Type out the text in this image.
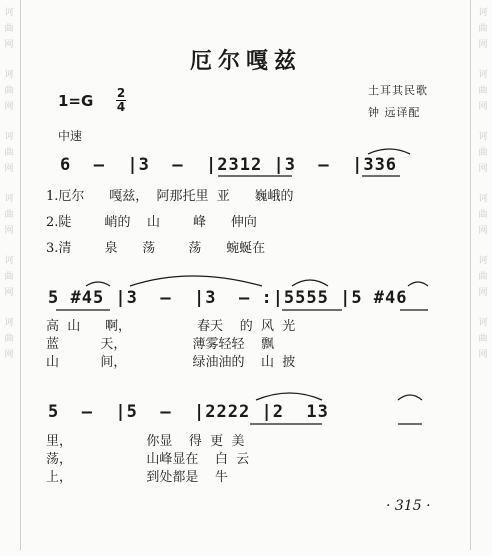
诃
曲
网

诃
曲
网

诃
曲
网

诃
曲
网

诃
曲
网

诃
曲
网
诃
曲
网

诃
曲
网

诃
曲
网

诃
曲
网

诃
曲
网

诃
曲
网
厄尔嘎兹
1=G 2
4
土耳其民歌
钟 远译配
中速
6  –  |3  –  |2312 |3  –  |336
1.厄尔      嘎兹，  阿那托里  亚      巍峨的
2.陡        峭的    山        峰      伸向
3.清        泉      荡        荡      蜿蜒在
5 #45 |3  –  |3  – :|5555 |5 #46
高  山      啊，                春天    的  风  光
蓝          天，                薄雾轻轻    飘
山          间，                绿油油的    山  披
5  –  |5  –  |2222 |2  13
里，                  你显    得  更  美
荡，                  山峰显在    白  云
上，                  到处都是    牛
· 315 ·
